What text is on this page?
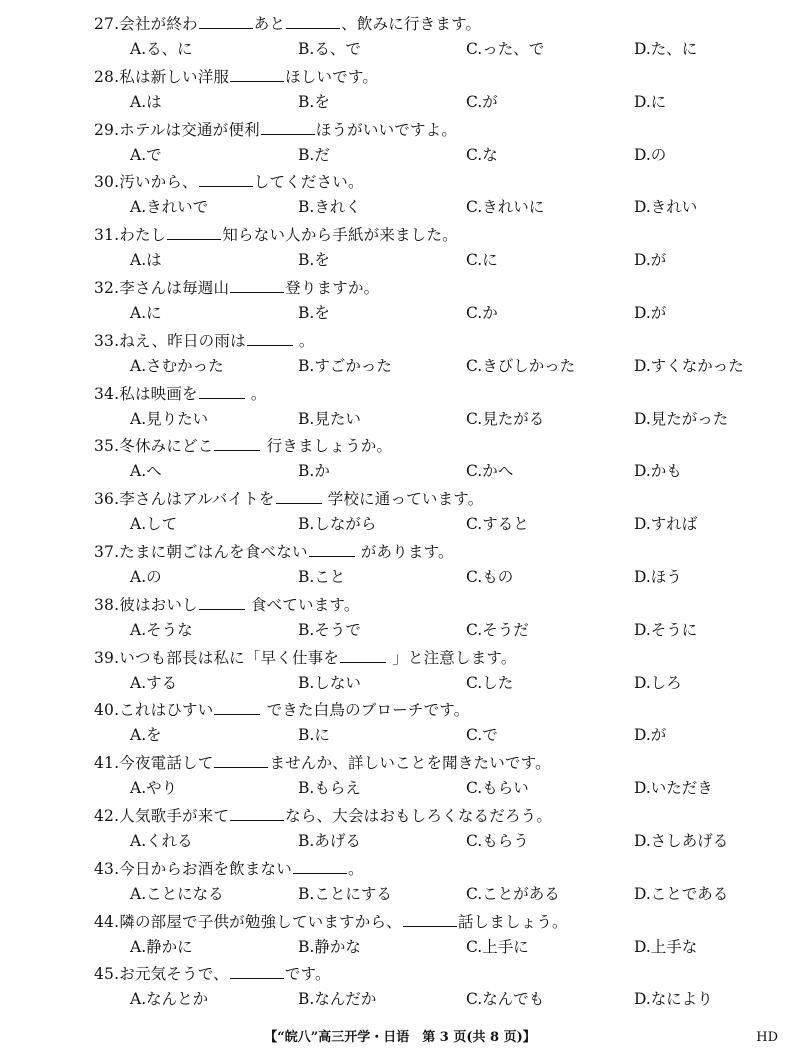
27.会社が終わ	あと	、飲みに行きます。
A.る、に	B.る、で	C.った、で	D.た、に
28.私は新しい洋服	ほしいです。
A.は	B.を	C.が	D.に
29.ホテルは交通が便利	ほうがいいですよ。
A.で	B.だ	C.な	D.の
30.汚いから、	してください。
A.きれいで	B.きれく	C.きれいに	D.きれい
31.わたし	知らない人から手紙が来ました。
A.は	B.を	C.に	D.が
32.李さんは毎週山	登りますか。
A.に	B.を	C.か	D.が
33.ねえ、昨日の雨は	。
A.さむかった	B.すごかった	C.きびしかった	D.すくなかった
34.私は映画を	。
A.見りたい	B.見たい	C.見たがる	D.見たがった
35.冬休みにどこ	行きましょうか。
A.へ	B.か	C.かへ	D.かも
36.李さんはアルバイトを	学校に通っています。
A.して	B.しながら	C.すると	D.すれば
37.たまに朝ごはんを食べない	があります。
A.の	B.こと	C.もの	D.ほう
38.彼はおいし	食べています。
A.そうな	B.そうで	C.そうだ	D.そうに
39.いつも部長は私に「早く仕事を	」と注意します。
A.する	B.しない	C.した	D.しろ
40.これはひすい	できた白鳥のブローチです。
A.を	B.に	C.で	D.が
41.今夜電話して	ませんか、詳しいことを聞きたいです。
A.やり	B.もらえ	C.もらい	D.いただき
42.人気歌手が来て	なら、大会はおもしろくなるだろう。
A.くれる	B.あげる	C.もらう	D.さしあげる
43.今日からお酒を飲まない	。
A.ことになる	B.ことにする	C.ことがある	D.ことである
44.隣の部屋で子供が勉強していますから、	話しましょう。
A.静かに	B.静かな	C.上手に	D.上手な
45.お元気そうで、	です。
A.なんとか	B.なんだか	C.なんでも	D.なにより
【“皖八”高三开学・日语　第 3 页(共 8 页)】	HD
